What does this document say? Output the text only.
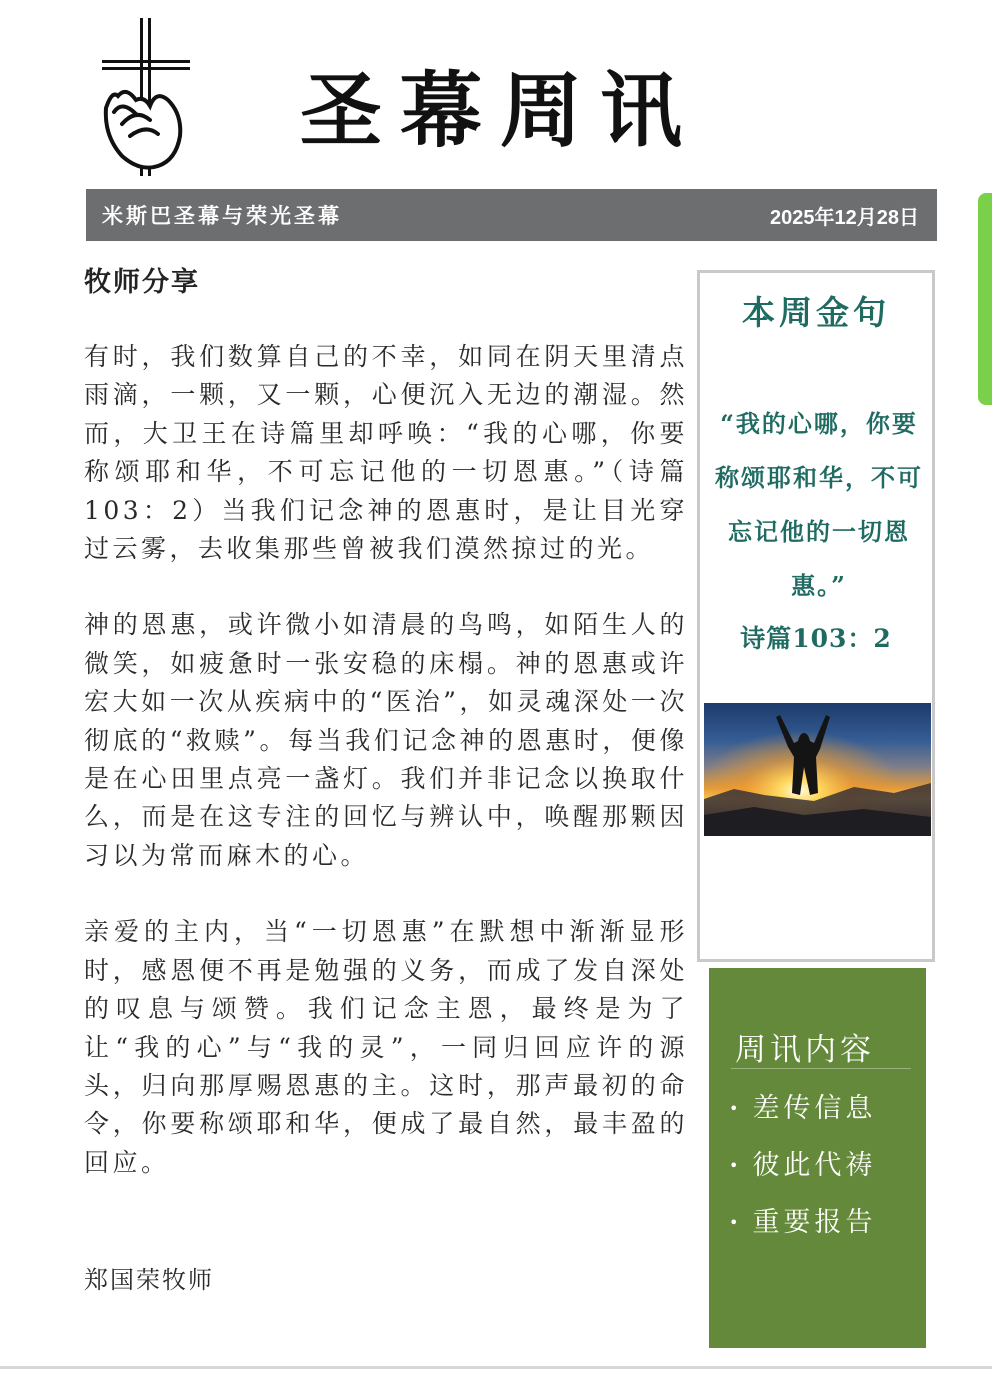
圣幕周讯
米斯巴圣幕与荣光圣幕	2025年12月28日
牧师分享

有时，我们数算自己的不幸，如同在阴天里清点雨滴，一颗，又一颗，心便沉入无边的潮湿。然而，大卫王在诗篇里却呼唤：“我的心哪，你要称颂耶和华，不可忘记他的一切恩惠。”（诗篇103：2）当我们记念神的恩惠时，是让目光穿过云雾，去收集那些曾被我们漠然掠过的光。

神的恩惠，或许微小如清晨的鸟鸣，如陌生人的微笑，如疲惫时一张安稳的床榻。神的恩惠或许宏大如一次从疾病中的“医治”，如灵魂深处一次彻底的“救赎”。每当我们记念神的恩惠时，便像是在心田里点亮一盏灯。我们并非记念以换取什么，而是在这专注的回忆与辨认中，唤醒那颗因习以为常而麻木的心。

亲爱的主内，当“一切恩惠”在默想中渐渐显形时，感恩便不再是勉强的义务，而成了发自深处的叹息与颂赞。我们记念主恩，最终是为了让“我的心”与“我的灵”，一同归回应许的源头，归向那厚赐恩惠的主。这时，那声最初的命令，你要称颂耶和华，便成了最自然，最丰盈的回应。

郑国荣牧师
本周金句
“我的心哪，你要称颂耶和华，不可忘记他的一切恩惠。”
诗篇103：2
周讯内容
• 差传信息
• 彼此代祷
• 重要报告
